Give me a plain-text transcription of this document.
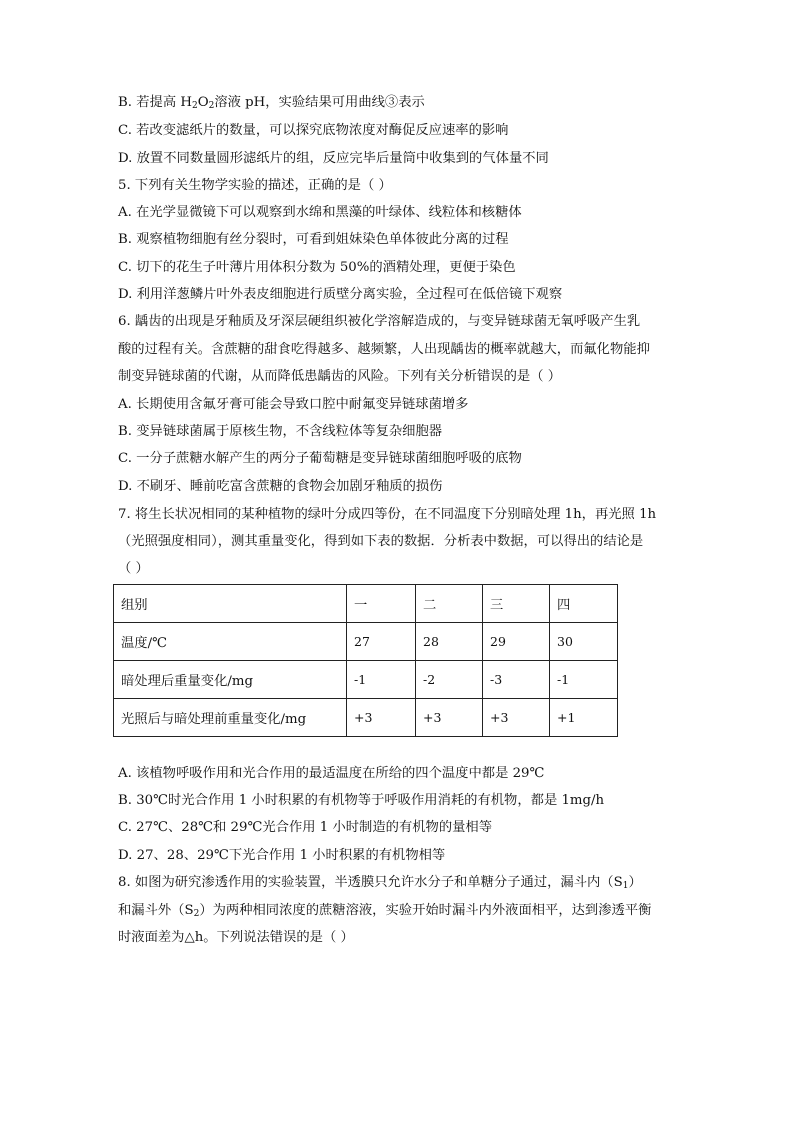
B. 若提高 $H_2O_2$溶液 pH，实验结果可用曲线③表示
C. 若改变滤纸片的数量，可以探究底物浓度对酶促反应速率的影响
D. 放置不同数量圆形滤纸片的组，反应完毕后量筒中收集到的气体量不同
5. 下列有关生物学实验的描述，正确的是（ ）
A. 在光学显微镜下可以观察到水绵和黑藻的叶绿体、线粒体和核糖体
B. 观察植物细胞有丝分裂时，可看到姐妹染色单体彼此分离的过程
C. 切下的花生子叶薄片用体积分数为 50%的酒精处理，更便于染色
D. 利用洋葱鳞片叶外表皮细胞进行质壁分离实验，全过程可在低倍镜下观察
6. 龋齿的出现是牙釉质及牙深层硬组织被化学溶解造成的，与变异链球菌无氧呼吸产生乳
酸的过程有关。含蔗糖的甜食吃得越多、越频繁，人出现龋齿的概率就越大，而氟化物能抑
制变异链球菌的代谢，从而降低患龋齿的风险。下列有关分析错误的是（ ）
A. 长期使用含氟牙膏可能会导致口腔中耐氟变异链球菌增多
B. 变异链球菌属于原核生物，不含线粒体等复杂细胞器
C. 一分子蔗糖水解产生的两分子葡萄糖是变异链球菌细胞呼吸的底物
D. 不刷牙、睡前吃富含蔗糖的食物会加剧牙釉质的损伤
7. 将生长状况相同的某种植物的绿叶分成四等份，在不同温度下分别暗处理 1h，再光照 1h
（光照强度相同），测其重量变化，得到如下表的数据．分析表中数据，可以得出的结论是
（ ）
A. 该植物呼吸作用和光合作用的最适温度在所给的四个温度中都是 29℃
B. 30℃时光合作用 1 小时积累的有机物等于呼吸作用消耗的有机物，都是 1mg/h
C. 27℃、28℃和 29℃光合作用 1 小时制造的有机物的量相等
D. 27、28、29℃下光合作用 1 小时积累的有机物相等
8. 如图为研究渗透作用的实验装置，半透膜只允许水分子和单糖分子通过，漏斗内$(S_1)$
和漏斗外$(S_2)$为两种相同浓度的蔗糖溶液，实验开始时漏斗内外液面相平，达到渗透平衡
时液面差为△h。下列说法错误的是（ ）
组别	一	二	三	四
温度/℃	27	28	29	30
暗处理后重量变化/mg	-1	-2	-3	-1
光照后与暗处理前重量变化/mg	+3	+3	+3	+1
